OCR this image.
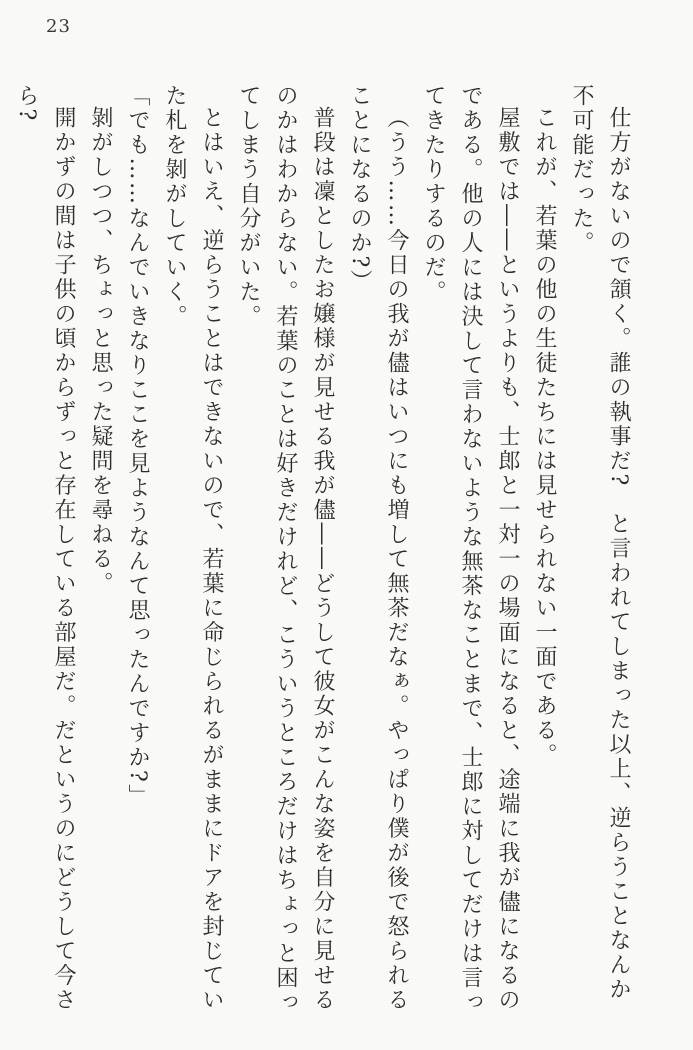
23

仕方がないので頷く。誰の執事だ?　と言われてしまった以上、逆らうことなんか不可能だった。

これが、若葉の他の生徒たちには見せられない一面である。

屋敷では――というよりも、士郎と一対一の場面になると、途端に我が儘になるのである。他の人には決して言わないような無茶なことまで、士郎に対してだけは言ってきたりするのだ。

（うう……今日の我が儘はいつにも増して無茶だなぁ。やっぱり僕が後で怒られることになるのか?）

普段は凜としたお嬢様が見せる我が儘――どうして彼女がこんな姿を自分に見せるのかはわからない。若葉のことは好きだけれど、こういうところだけはちょっと困ってしまう自分がいた。

とはいえ、逆らうことはできないので、若葉に命じられるがままにドアを封じていた札を剝がしていく。

「でも……なんでいきなりここを見ようなんて思ったんですか?」

剝がしつつ、ちょっと思った疑問を尋ねる。

開かずの間は子供の頃からずっと存在している部屋だ。だというのにどうして今さら?
